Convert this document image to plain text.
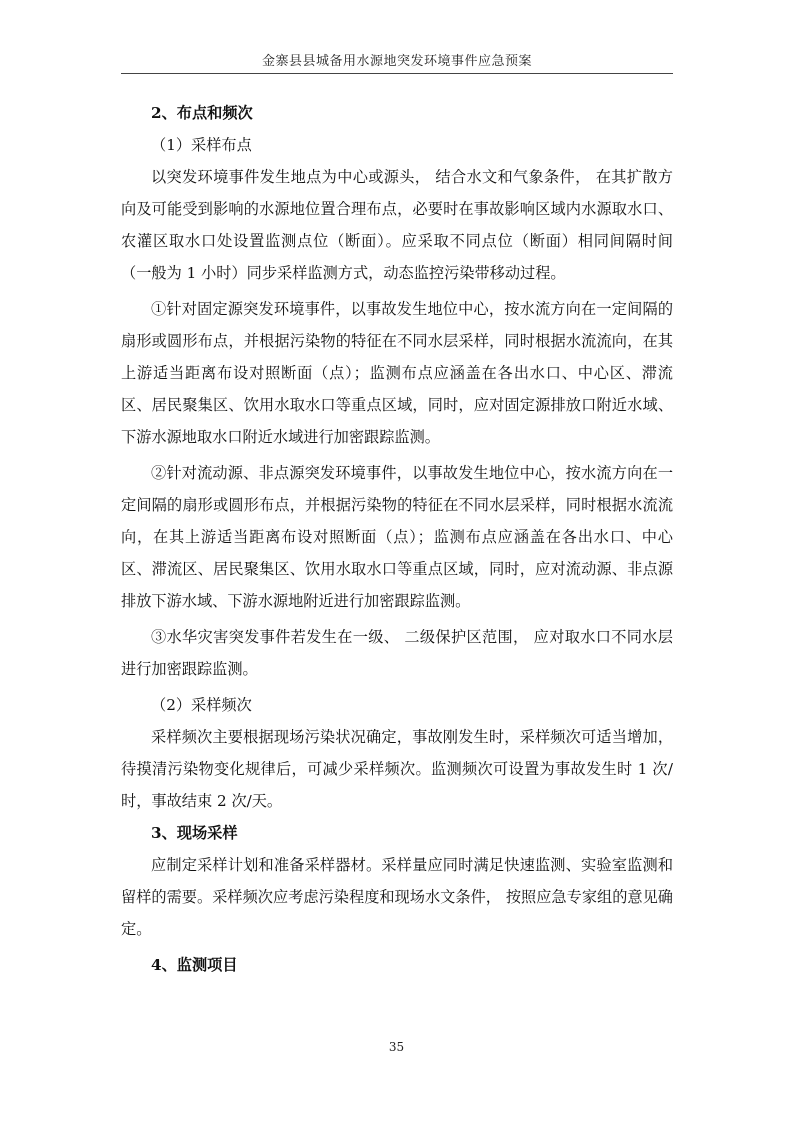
金寨县县城备用水源地突发环境事件应急预案

2、布点和频次

（1）采样布点

以突发环境事件发生地点为中心或源头， 结合水文和气象条件， 在其扩散方向及可能受到影响的水源地位置合理布点，必要时在事故影响区域内水源取水口、农灌区取水口处设置监测点位（断面）。应采取不同点位（断面）相同间隔时间（一般为 1 小时）同步采样监测方式，动态监控污染带移动过程。

①针对固定源突发环境事件，以事故发生地位中心，按水流方向在一定间隔的扇形或圆形布点，并根据污染物的特征在不同水层采样，同时根据水流流向，在其上游适当距离布设对照断面（点）；监测布点应涵盖在各出水口、中心区、滞流区、居民聚集区、饮用水取水口等重点区域，同时，应对固定源排放口附近水域、下游水源地取水口附近水域进行加密跟踪监测。

②针对流动源、非点源突发环境事件，以事故发生地位中心，按水流方向在一定间隔的扇形或圆形布点，并根据污染物的特征在不同水层采样，同时根据水流流向，在其上游适当距离布设对照断面（点）；监测布点应涵盖在各出水口、中心区、滞流区、居民聚集区、饮用水取水口等重点区域，同时，应对流动源、非点源排放下游水域、下游水源地附近进行加密跟踪监测。

③水华灾害突发事件若发生在一级、 二级保护区范围， 应对取水口不同水层进行加密跟踪监测。

（2）采样频次

采样频次主要根据现场污染状况确定，事故刚发生时，采样频次可适当增加，待摸清污染物变化规律后，可减少采样频次。监测频次可设置为事故发生时 1 次/时，事故结束 2 次/天。

3、现场采样

应制定采样计划和准备采样器材。采样量应同时满足快速监测、实验室监测和留样的需要。采样频次应考虑污染程度和现场水文条件， 按照应急专家组的意见确定。

4、监测项目

35
